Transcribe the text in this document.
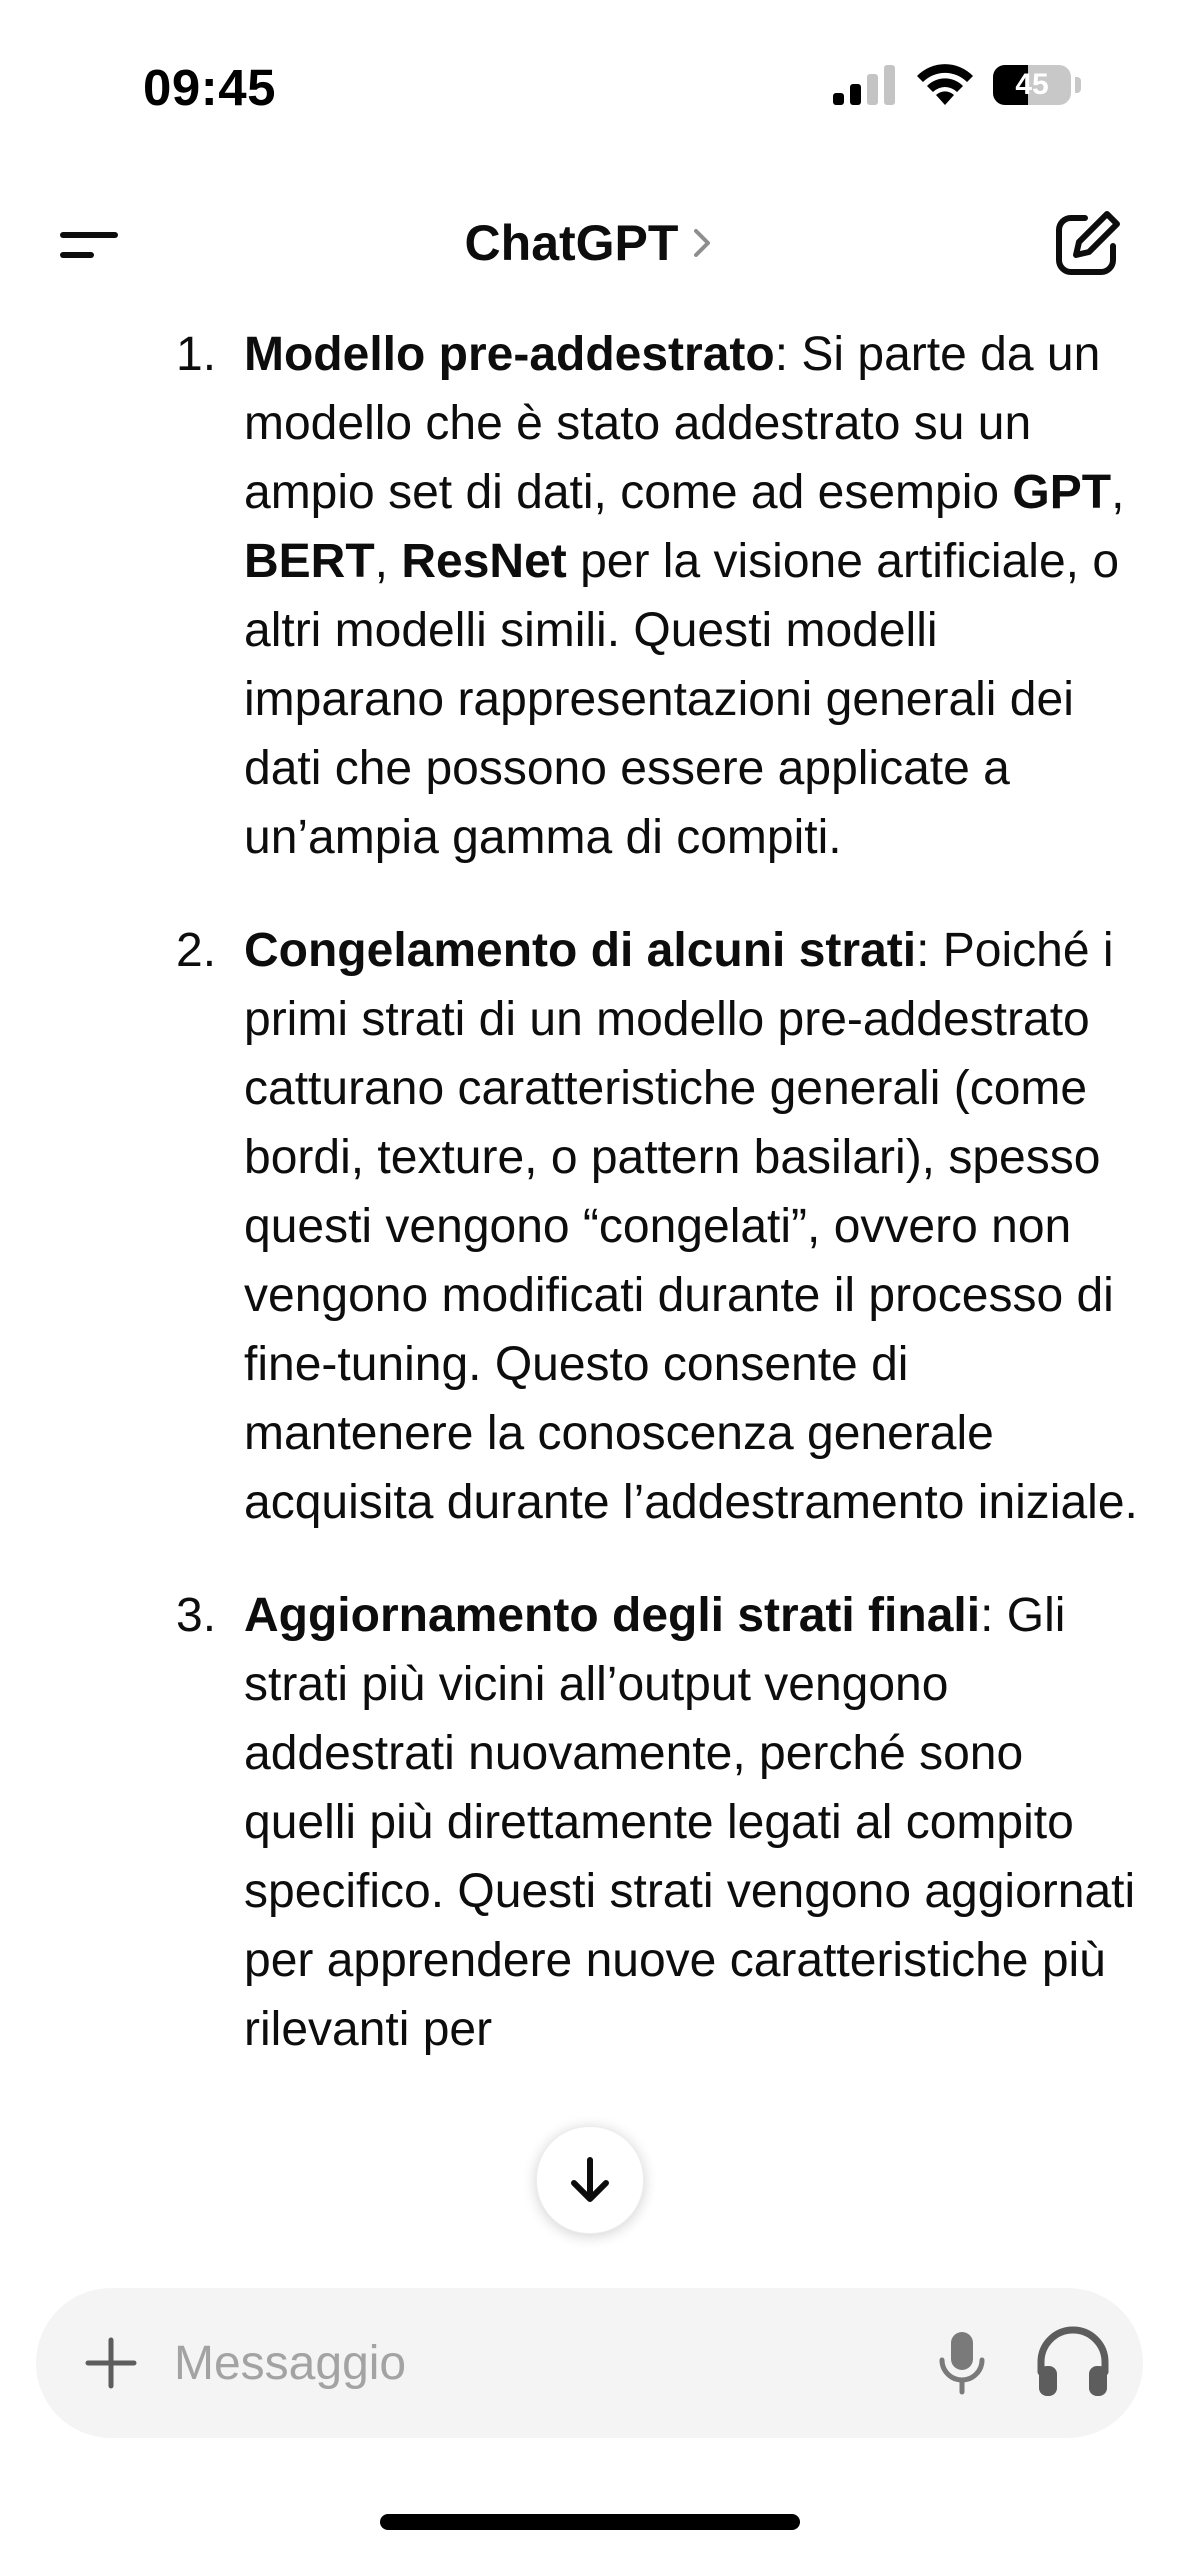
09:45	45
ChatGPT
1. Modello pre-addestrato: Si parte da un modello che è stato addestrato su un ampio set di dati, come ad esempio GPT, BERT, ResNet per la visione artificiale, o altri modelli simili. Questi modelli imparano rappresentazioni generali dei dati che possono essere applicate a un’ampia gamma di compiti.
2. Congelamento di alcuni strati: Poiché i primi strati di un modello pre-addestrato catturano caratteristiche generali (come bordi, texture, o pattern basilari), spesso questi vengono “congelati”, ovvero non vengono modificati durante il processo di fine-tuning. Questo consente di mantenere la conoscenza generale acquisita durante l’addestramento iniziale.
3. Aggiornamento degli strati finali: Gli strati più vicini all’output vengono addestrati nuovamente, perché sono quelli più direttamente legati al compito specifico. Questi strati vengono aggiornati per apprendere nuove caratteristiche più rilevanti per
Messaggio
